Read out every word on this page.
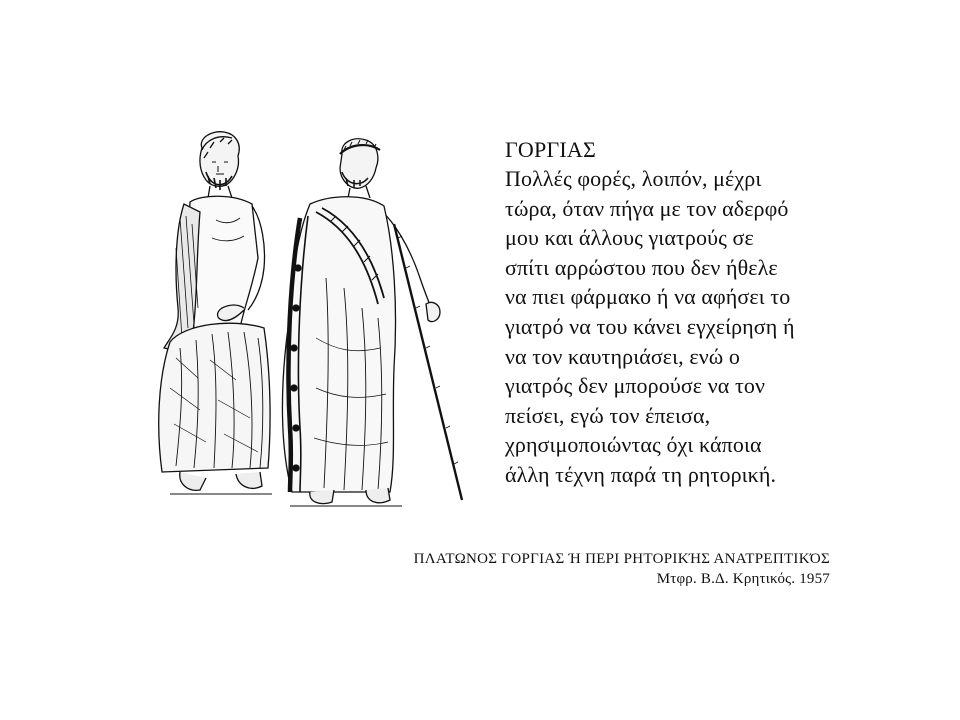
ΓΟΡΓΙΑΣ
Πολλές φορές, λοιπόν, μέχρι
τώρα, όταν πήγα με τον αδερφό
μου και άλλους γιατρούς σε
σπίτι αρρώστου που δεν ήθελε
να πιει φάρμακο ή να αφήσει το
γιατρό να του κάνει εγχείρηση ή
να τον καυτηριάσει, ενώ ο
γιατρός δεν μπορούσε να τον
πείσει, εγώ τον έπεισα,
χρησιμοποιώντας όχι κάποια
άλλη τέχνη παρά τη ρητορική.
ΠΛΑΤΩΝΟΣ ΓΟΡΓΙΑΣ Ή ΠΕΡΙ ΡΗΤΟΡΙΚΉΣ ΑΝΑΤΡΕΠΤΙΚΌΣ
Μτφρ. Β.Δ. Κρητικός. 1957
